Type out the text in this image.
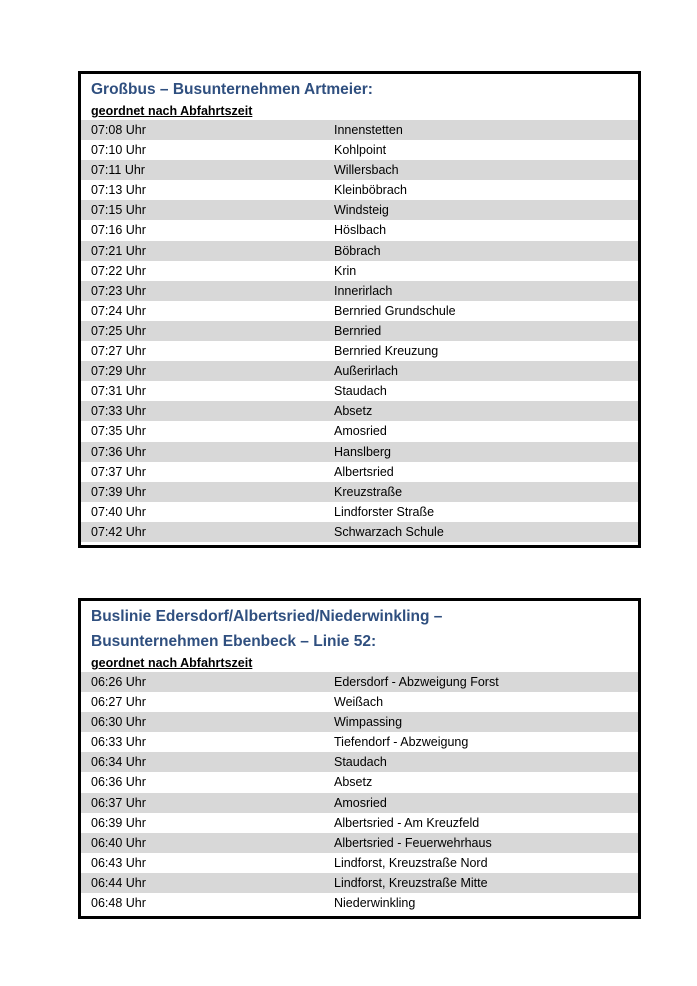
Großbus – Busunternehmen Artmeier:
geordnet nach Abfahrtszeit
07:08 Uhr	Innenstetten
07:10 Uhr	Kohlpoint
07:11 Uhr	Willersbach
07:13 Uhr	Kleinböbrach
07:15 Uhr	Windsteig
07:16 Uhr	Höslbach
07:21 Uhr	Böbrach
07:22 Uhr	Krin
07:23 Uhr	Innerirlach
07:24 Uhr	Bernried Grundschule
07:25 Uhr	Bernried
07:27 Uhr	Bernried Kreuzung
07:29 Uhr	Außerirlach
07:31 Uhr	Staudach
07:33 Uhr	Absetz
07:35 Uhr	Amosried
07:36 Uhr	Hanslberg
07:37 Uhr	Albertsried
07:39 Uhr	Kreuzstraße
07:40 Uhr	Lindforster Straße
07:42 Uhr	Schwarzach Schule
Buslinie Edersdorf/Albertsried/Niederwinkling –
Busunternehmen Ebenbeck – Linie 52:
geordnet nach Abfahrtszeit
06:26 Uhr	Edersdorf - Abzweigung Forst
06:27 Uhr	Weißach
06:30 Uhr	Wimpassing
06:33 Uhr	Tiefendorf - Abzweigung
06:34 Uhr	Staudach
06:36 Uhr	Absetz
06:37 Uhr	Amosried
06:39 Uhr	Albertsried - Am Kreuzfeld
06:40 Uhr	Albertsried - Feuerwehrhaus
06:43 Uhr	Lindforst, Kreuzstraße Nord
06:44 Uhr	Lindforst, Kreuzstraße Mitte
06:48 Uhr	Niederwinkling
